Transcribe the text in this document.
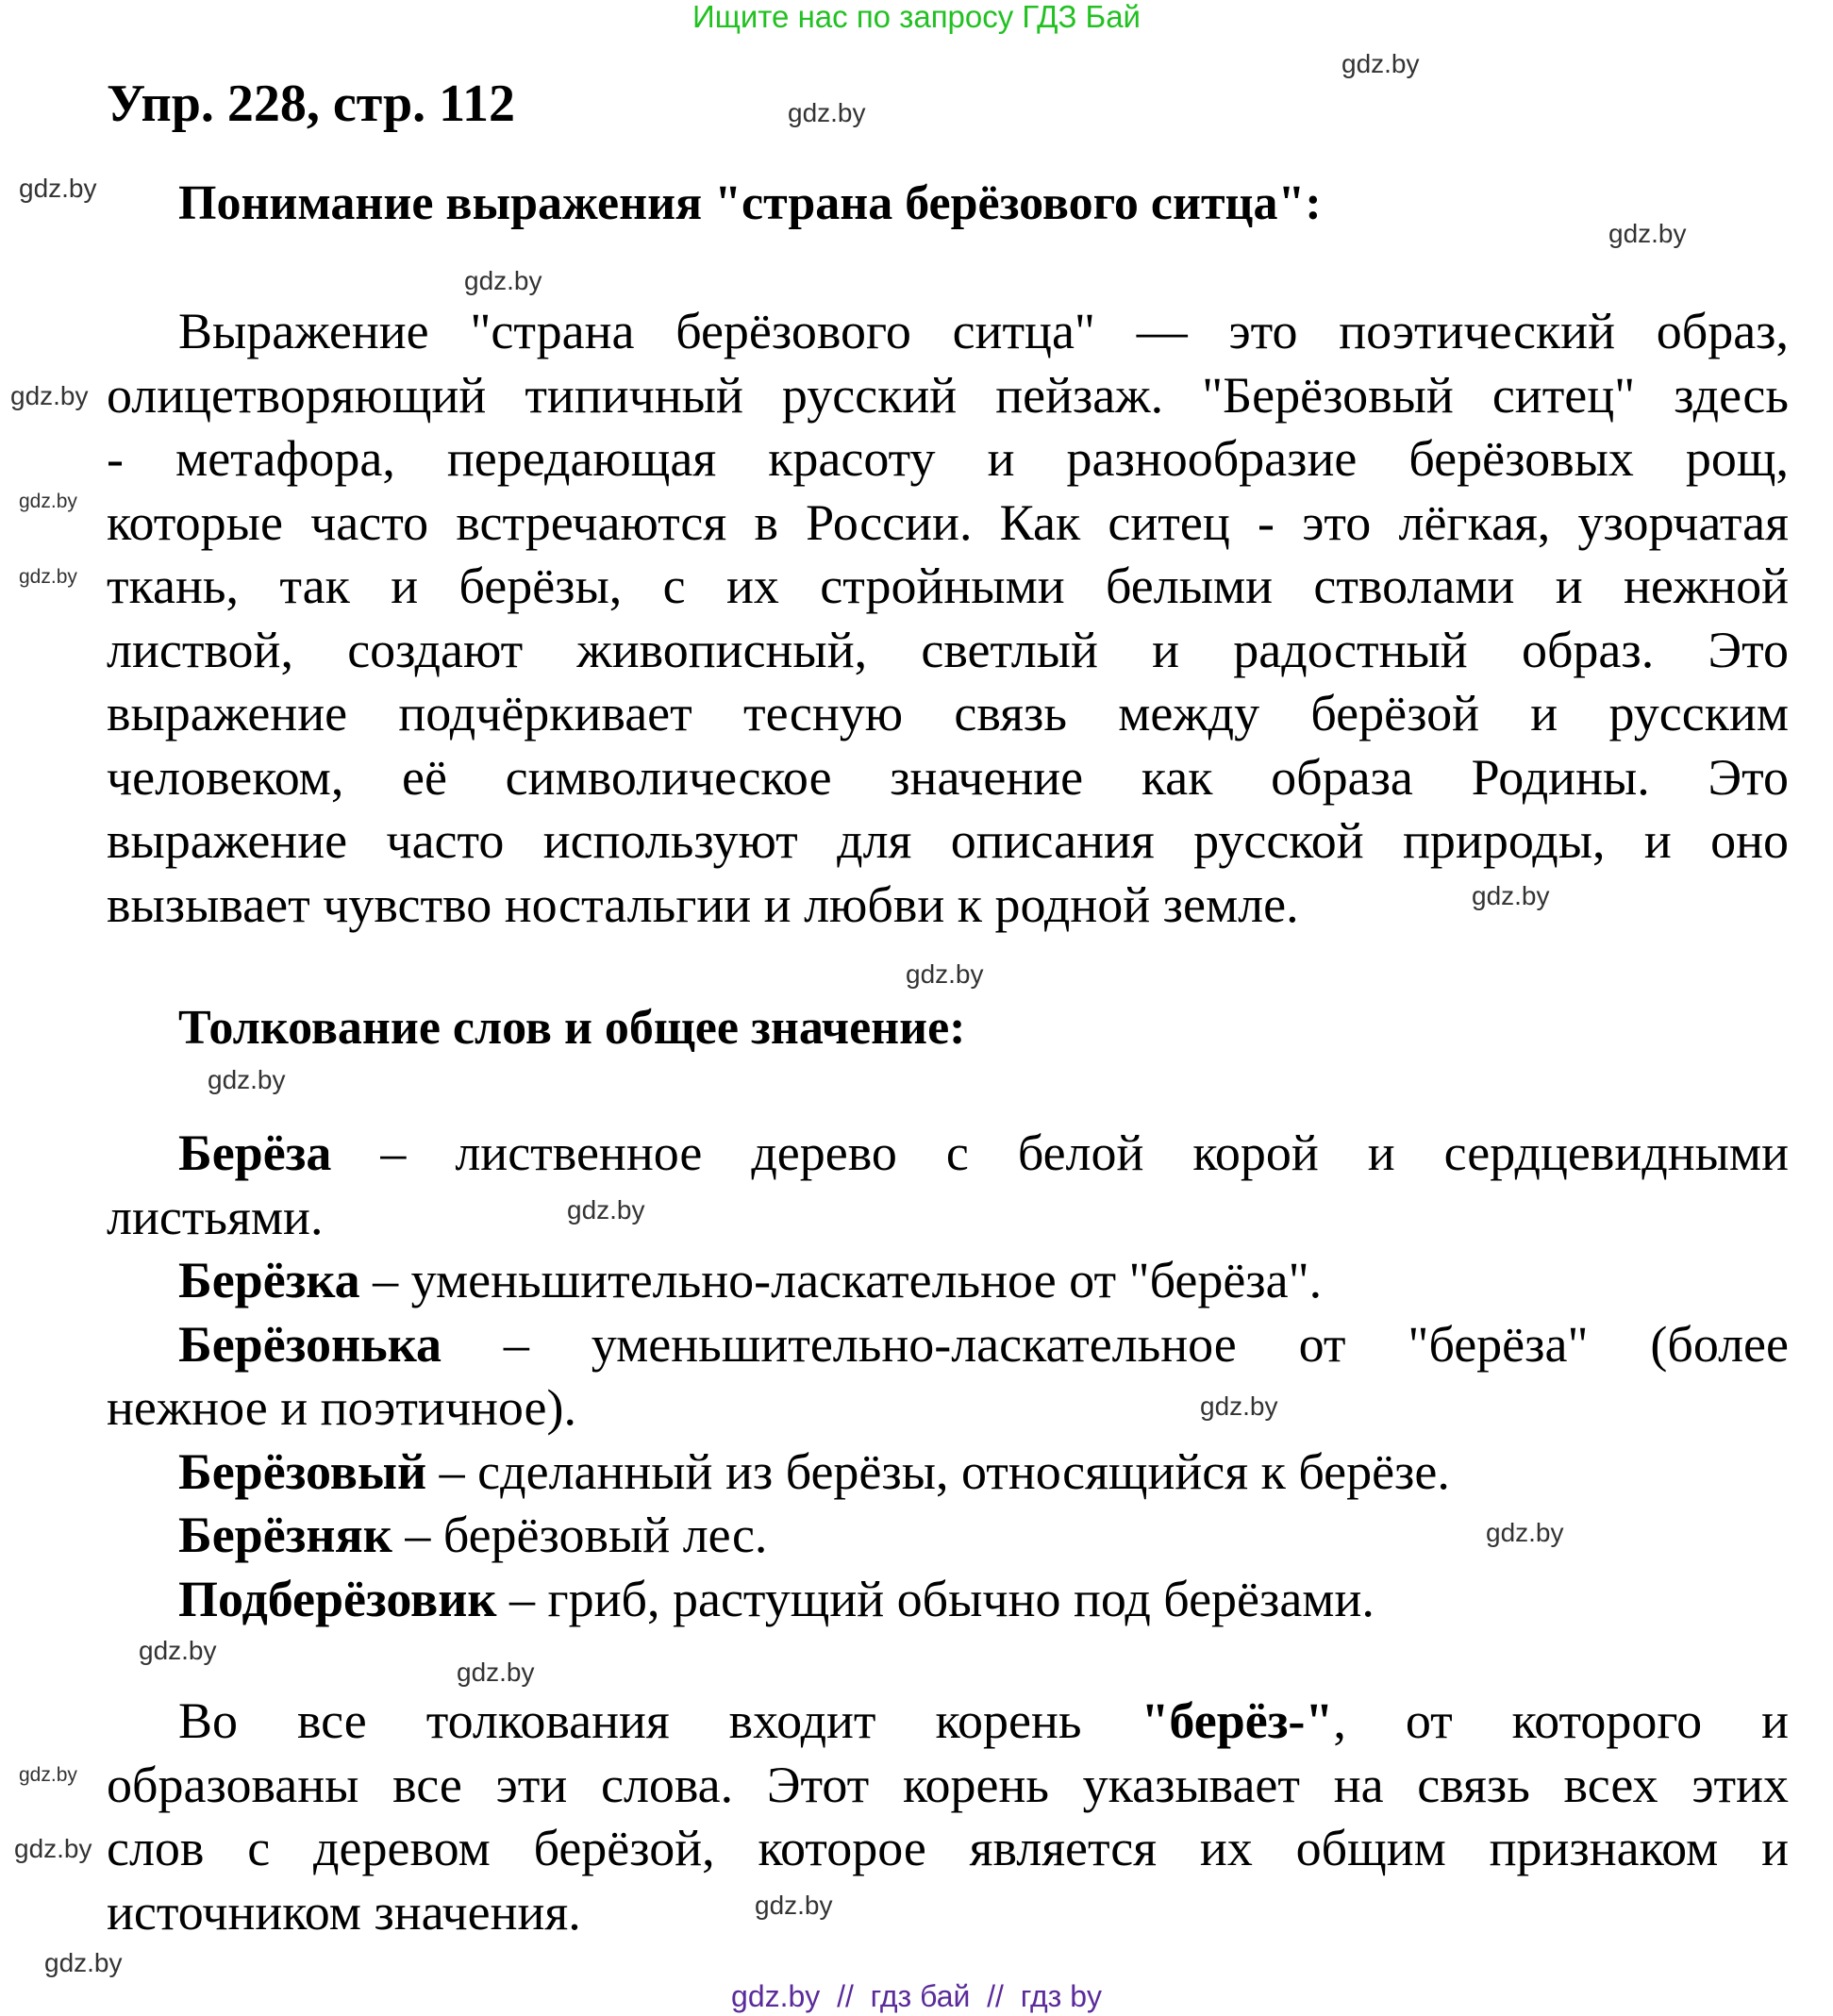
Ищите нас по запросу ГДЗ Бай
Упр. 228, стр. 112
Понимание выражения "страна берёзового ситца":
Выражение "страна берёзового ситца" — это поэтический образ,
олицетворяющий типичный русский пейзаж. "Берёзовый ситец" здесь
- метафора, передающая красоту и разнообразие берёзовых рощ,
которые часто встречаются в России. Как ситец - это лёгкая, узорчатая
ткань, так и берёзы, с их стройными белыми стволами и нежной
листвой, создают живописный, светлый и радостный образ. Это
выражение подчёркивает тесную связь между берёзой и русским
человеком, её символическое значение как образа Родины. Это
выражение часто используют для описания русской природы, и оно
вызывает чувство ностальгии и любви к родной земле.
Толкование слов и общее значение:
Берёза – лиственное дерево с белой корой и сердцевидными
листьями.
Берёзка – уменьшительно-ласкательное от "берёза".
Берёзонька – уменьшительно-ласкательное от "берёза" (более
нежное и поэтичное).
Берёзовый – сделанный из берёзы, относящийся к берёзе.
Берёзняк – берёзовый лес.
Подберёзовик – гриб, растущий обычно под берёзами.
Во все толкования входит корень "берёз-", от которого и
образованы все эти слова. Этот корень указывает на связь всех этих
слов с деревом берёзой, которое является их общим признаком и
источником значения.
gdz.by
gdz.by
gdz.by
gdz.by
gdz.by
gdz.by
gdz.by
gdz.by
gdz.by
gdz.by
gdz.by
gdz.by
gdz.by
gdz.by
gdz.by
gdz.by
gdz.by
gdz.by
gdz.by
gdz.by
gdz.by  //  гдз бай  //  гдз by
